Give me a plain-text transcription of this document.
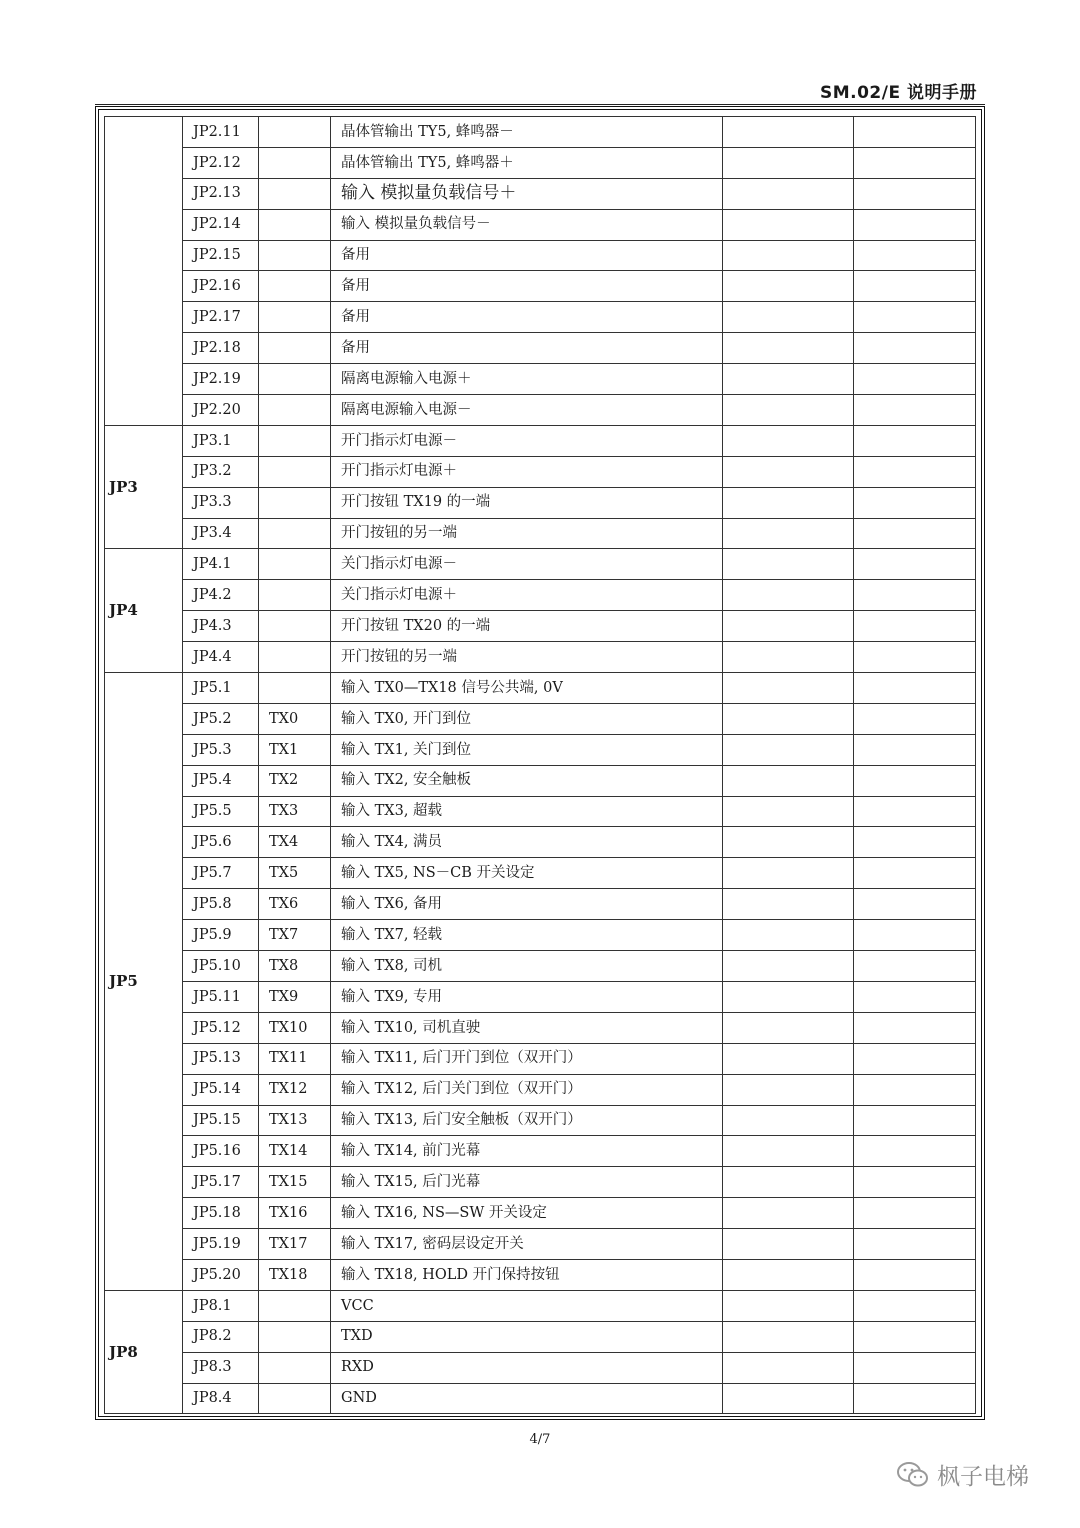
SM.02/E 说明手册
	JP2.11		晶体管输出 TY5, 蜂鸣器－		
	JP2.12		晶体管输出 TY5, 蜂鸣器＋		
	JP2.13		输入 模拟量负载信号＋		
	JP2.14		输入 模拟量负载信号－		
	JP2.15		备用		
	JP2.16		备用		
	JP2.17		备用		
	JP2.18		备用		
	JP2.19		隔离电源输入电源＋		
	JP2.20		隔离电源输入电源－		
JP3	JP3.1		开门指示灯电源－		
	JP3.2		开门指示灯电源＋		
	JP3.3		开门按钮 TX19 的一端		
	JP3.4		开门按钮的另一端		
JP4	JP4.1		关门指示灯电源－		
	JP4.2		关门指示灯电源＋		
	JP4.3		开门按钮 TX20 的一端		
	JP4.4		开门按钮的另一端		
JP5	JP5.1		输入 TX0—TX18 信号公共端, 0V		
	JP5.2	TX0	输入 TX0, 开门到位		
	JP5.3	TX1	输入 TX1, 关门到位		
	JP5.4	TX2	输入 TX2, 安全触板		
	JP5.5	TX3	输入 TX3, 超载		
	JP5.6	TX4	输入 TX4, 满员		
	JP5.7	TX5	输入 TX5, NS－CB 开关设定		
	JP5.8	TX6	输入 TX6, 备用		
	JP5.9	TX7	输入 TX7, 轻载		
	JP5.10	TX8	输入 TX8, 司机		
	JP5.11	TX9	输入 TX9, 专用		
	JP5.12	TX10	输入 TX10, 司机直驶		
	JP5.13	TX11	输入 TX11, 后门开门到位（双开门）		
	JP5.14	TX12	输入 TX12, 后门关门到位（双开门）		
	JP5.15	TX13	输入 TX13, 后门安全触板（双开门）		
	JP5.16	TX14	输入 TX14, 前门光幕		
	JP5.17	TX15	输入 TX15, 后门光幕		
	JP5.18	TX16	输入 TX16, NS—SW 开关设定		
	JP5.19	TX17	输入 TX17, 密码层设定开关		
	JP5.20	TX18	输入 TX18, HOLD 开门保持按钮		
JP8	JP8.1		VCC		
	JP8.2		TXD		
	JP8.3		RXD		
	JP8.4		GND		
4/7
枫子电梯
